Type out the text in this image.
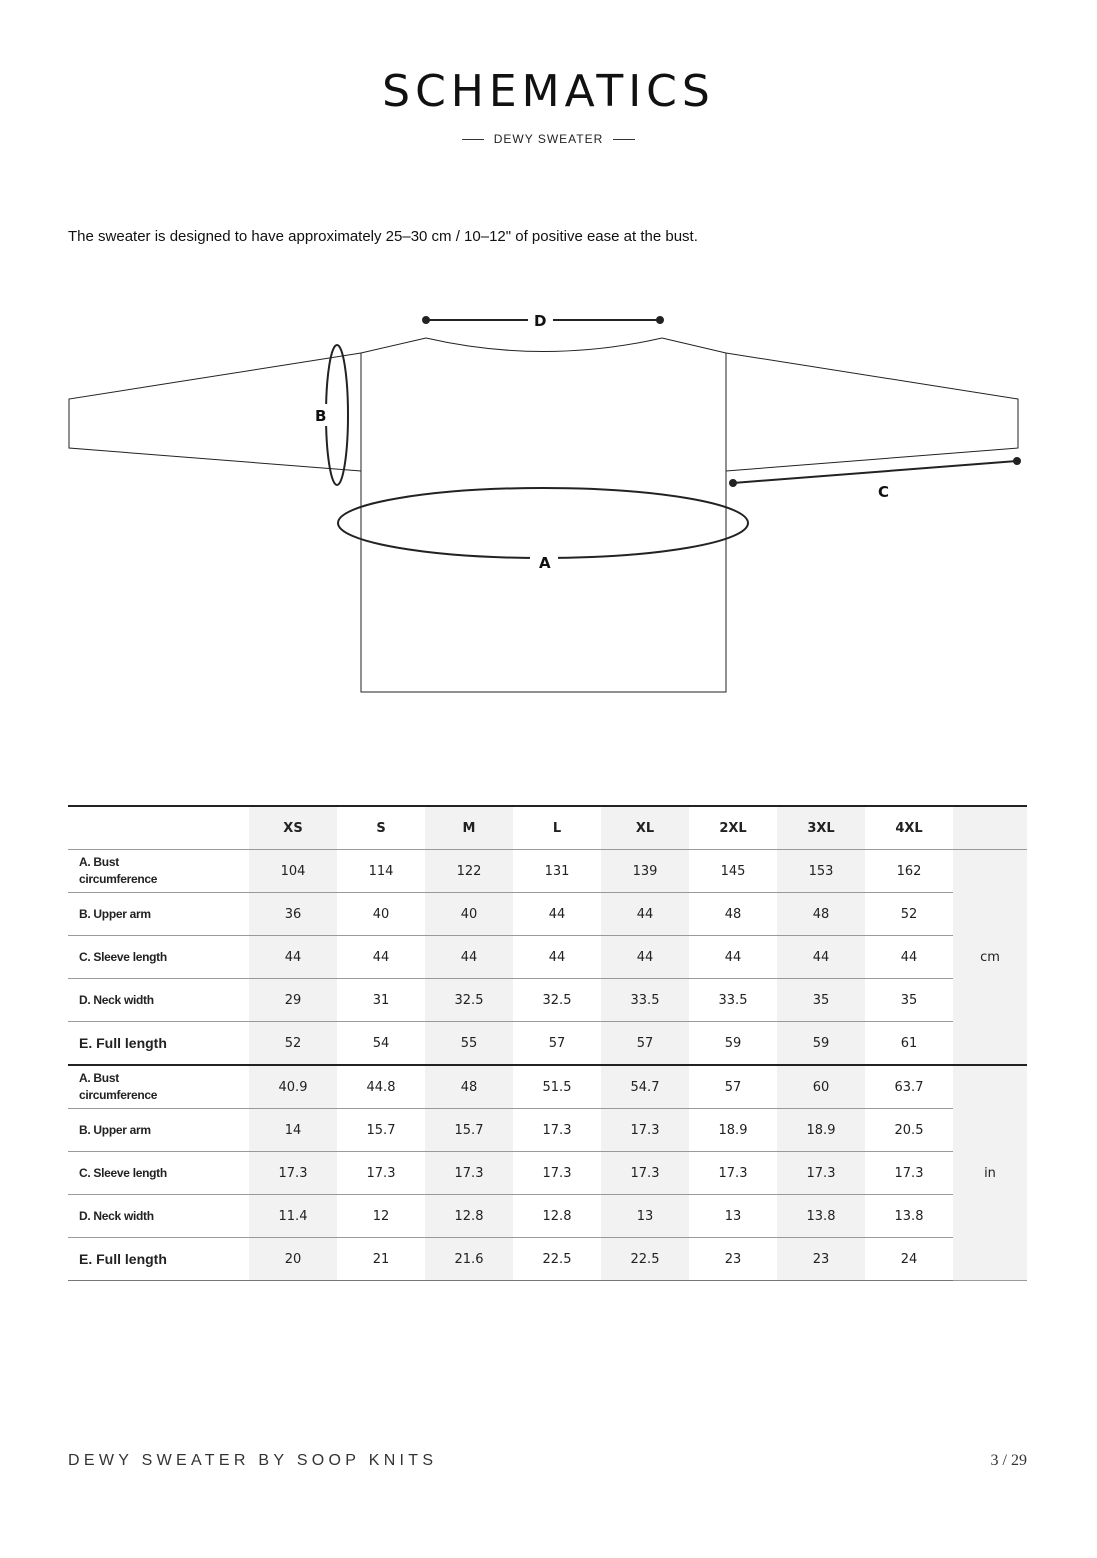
SCHEMATICS
DEWY SWEATER
The sweater is designed to have approximately 25–30 cm / 10–12" of positive ease at the bust.
D
B
C
A
	XS	S	M	L	XL	2XL	3XL	4XL	
A. Bust circumference	104	114	122	131	139	145	153	162	cm
B. Upper arm	36	40	40	44	44	48	48	52	
C. Sleeve length	44	44	44	44	44	44	44	44	
D. Neck width	29	31	32.5	32.5	33.5	33.5	35	35	
E. Full length	52	54	55	57	57	59	59	61	
A. Bust circumference	40.9	44.8	48	51.5	54.7	57	60	63.7	in
B. Upper arm	14	15.7	15.7	17.3	17.3	18.9	18.9	20.5	
C. Sleeve length	17.3	17.3	17.3	17.3	17.3	17.3	17.3	17.3	
D. Neck width	11.4	12	12.8	12.8	13	13	13.8	13.8	
E. Full length	20	21	21.6	22.5	22.5	23	23	24	
DEWY SWEATER BY SOOP KNITS	3 / 29
